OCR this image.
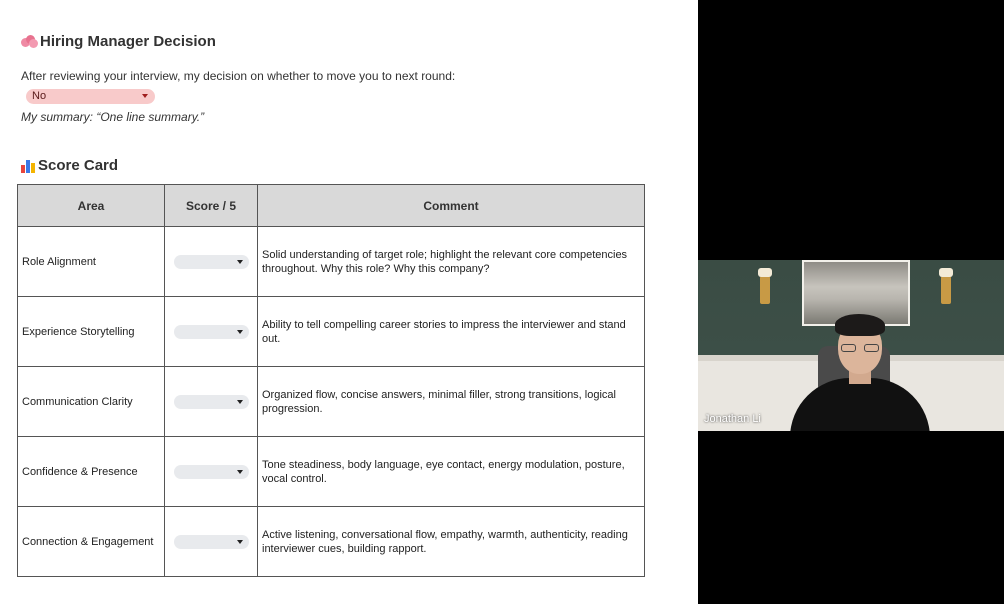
Hiring Manager Decision
After reviewing your interview, my decision on whether to move you to next round:
No
My summary: “One line summary.”
Score Card
Area	Score / 5	Comment
Role Alignment		Solid understanding of target role; highlight the relevant core competencies throughout. Why this role? Why this company?
Experience Storytelling		Ability to tell compelling career stories to impress the interviewer and stand out.
Communication Clarity		Organized flow, concise answers, minimal filler, strong transitions, logical progression.
Confidence & Presence		Tone steadiness, body language, eye contact, energy modulation, posture, vocal control.
Connection & Engagement		Active listening, conversational flow, empathy, warmth, authenticity, reading interviewer cues, building rapport.
Jonathan Li
